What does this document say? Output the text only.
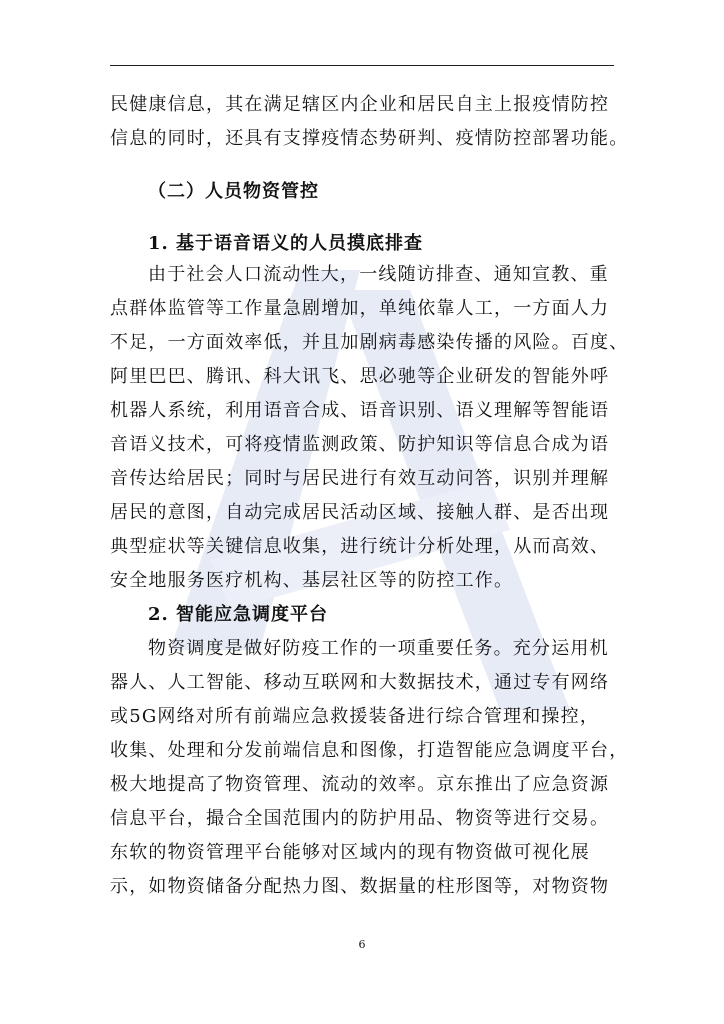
民健康信息，其在满足辖区内企业和居民自主上报疫情防控
信息的同时，还具有支撑疫情态势研判、疫情防控部署功能。
（二）人员物资管控
1. 基于语音语义的人员摸底排查
由于社会人口流动性大，一线随访排查、通知宣教、重
点群体监管等工作量急剧增加，单纯依靠人工，一方面人力
不足，一方面效率低，并且加剧病毒感染传播的风险。百度、
阿里巴巴、腾讯、科大讯飞、思必驰等企业研发的智能外呼
机器人系统，利用语音合成、语音识别、语义理解等智能语
音语义技术，可将疫情监测政策、防护知识等信息合成为语
音传达给居民；同时与居民进行有效互动问答，识别并理解
居民的意图，自动完成居民活动区域、接触人群、是否出现
典型症状等关键信息收集，进行统计分析处理，从而高效、
安全地服务医疗机构、基层社区等的防控工作。
2. 智能应急调度平台
物资调度是做好防疫工作的一项重要任务。充分运用机
器人、人工智能、移动互联网和大数据技术，通过专有网络
或5G网络对所有前端应急救援装备进行综合管理和操控，
收集、处理和分发前端信息和图像，打造智能应急调度平台，
极大地提高了物资管理、流动的效率。京东推出了应急资源
信息平台，撮合全国范围内的防护用品、物资等进行交易。
东软的物资管理平台能够对区域内的现有物资做可视化展
示，如物资储备分配热力图、数据量的柱形图等，对物资物
6
